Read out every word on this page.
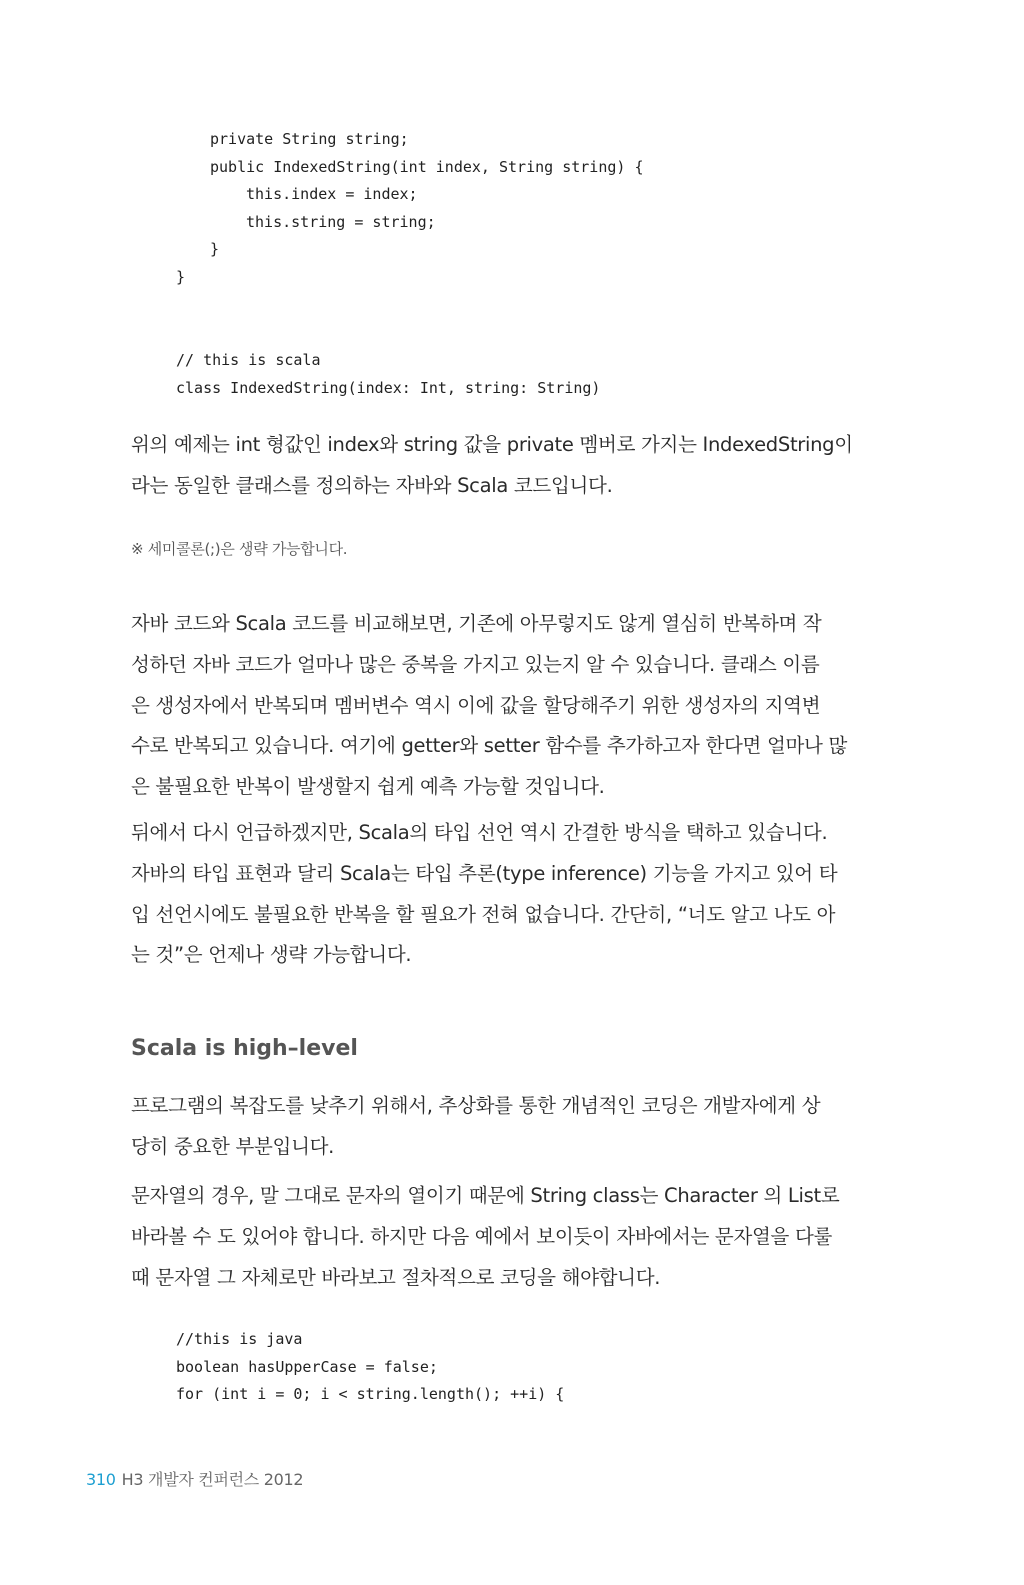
private String string;
public IndexedString(int index, String string) {
this.index = index;
this.string = string;
}
}
// this is scala
class IndexedString(index: Int, string: String)
위의 예제는 int 형값인 index와 string 값을 private 멤버로 가지는 IndexedString이
라는 동일한 클래스를 정의하는 자바와 Scala 코드입니다.

※ 세미콜론(;)은 생략 가능합니다.

자바 코드와 Scala 코드를 비교해보면, 기존에 아무렇지도 않게 열심히 반복하며 작
성하던 자바 코드가 얼마나 많은 중복을 가지고 있는지 알 수 있습니다. 클래스 이름
은 생성자에서 반복되며 멤버변수 역시 이에 값을 할당해주기 위한 생성자의 지역변
수로 반복되고 있습니다. 여기에 getter와 setter 함수를 추가하고자 한다면 얼마나 많
은 불필요한 반복이 발생할지 쉽게 예측 가능할 것입니다.
뒤에서 다시 언급하겠지만, Scala의 타입 선언 역시 간결한 방식을 택하고 있습니다.
자바의 타입 표현과 달리 Scala는 타입 추론(type inference) 기능을 가지고 있어 타
입 선언시에도 불필요한 반복을 할 필요가 전혀 없습니다. 간단히, “너도 알고 나도 아
는 것”은 언제나 생략 가능합니다.
Scala is high–level
프로그램의 복잡도를 낮추기 위해서, 추상화를 통한 개념적인 코딩은 개발자에게 상
당히 중요한 부분입니다.
문자열의 경우, 말 그대로 문자의 열이기 때문에 String class는 Character 의 List로
바라볼 수 도 있어야 합니다. 하지만 다음 예에서 보이듯이 자바에서는 문자열을 다룰
때 문자열 그 자체로만 바라보고 절차적으로 코딩을 해야합니다.
//this is java
boolean hasUpperCase = false;
for (int i = 0; i < string.length(); ++i) {

310 H3 개발자 컨퍼런스 2012
